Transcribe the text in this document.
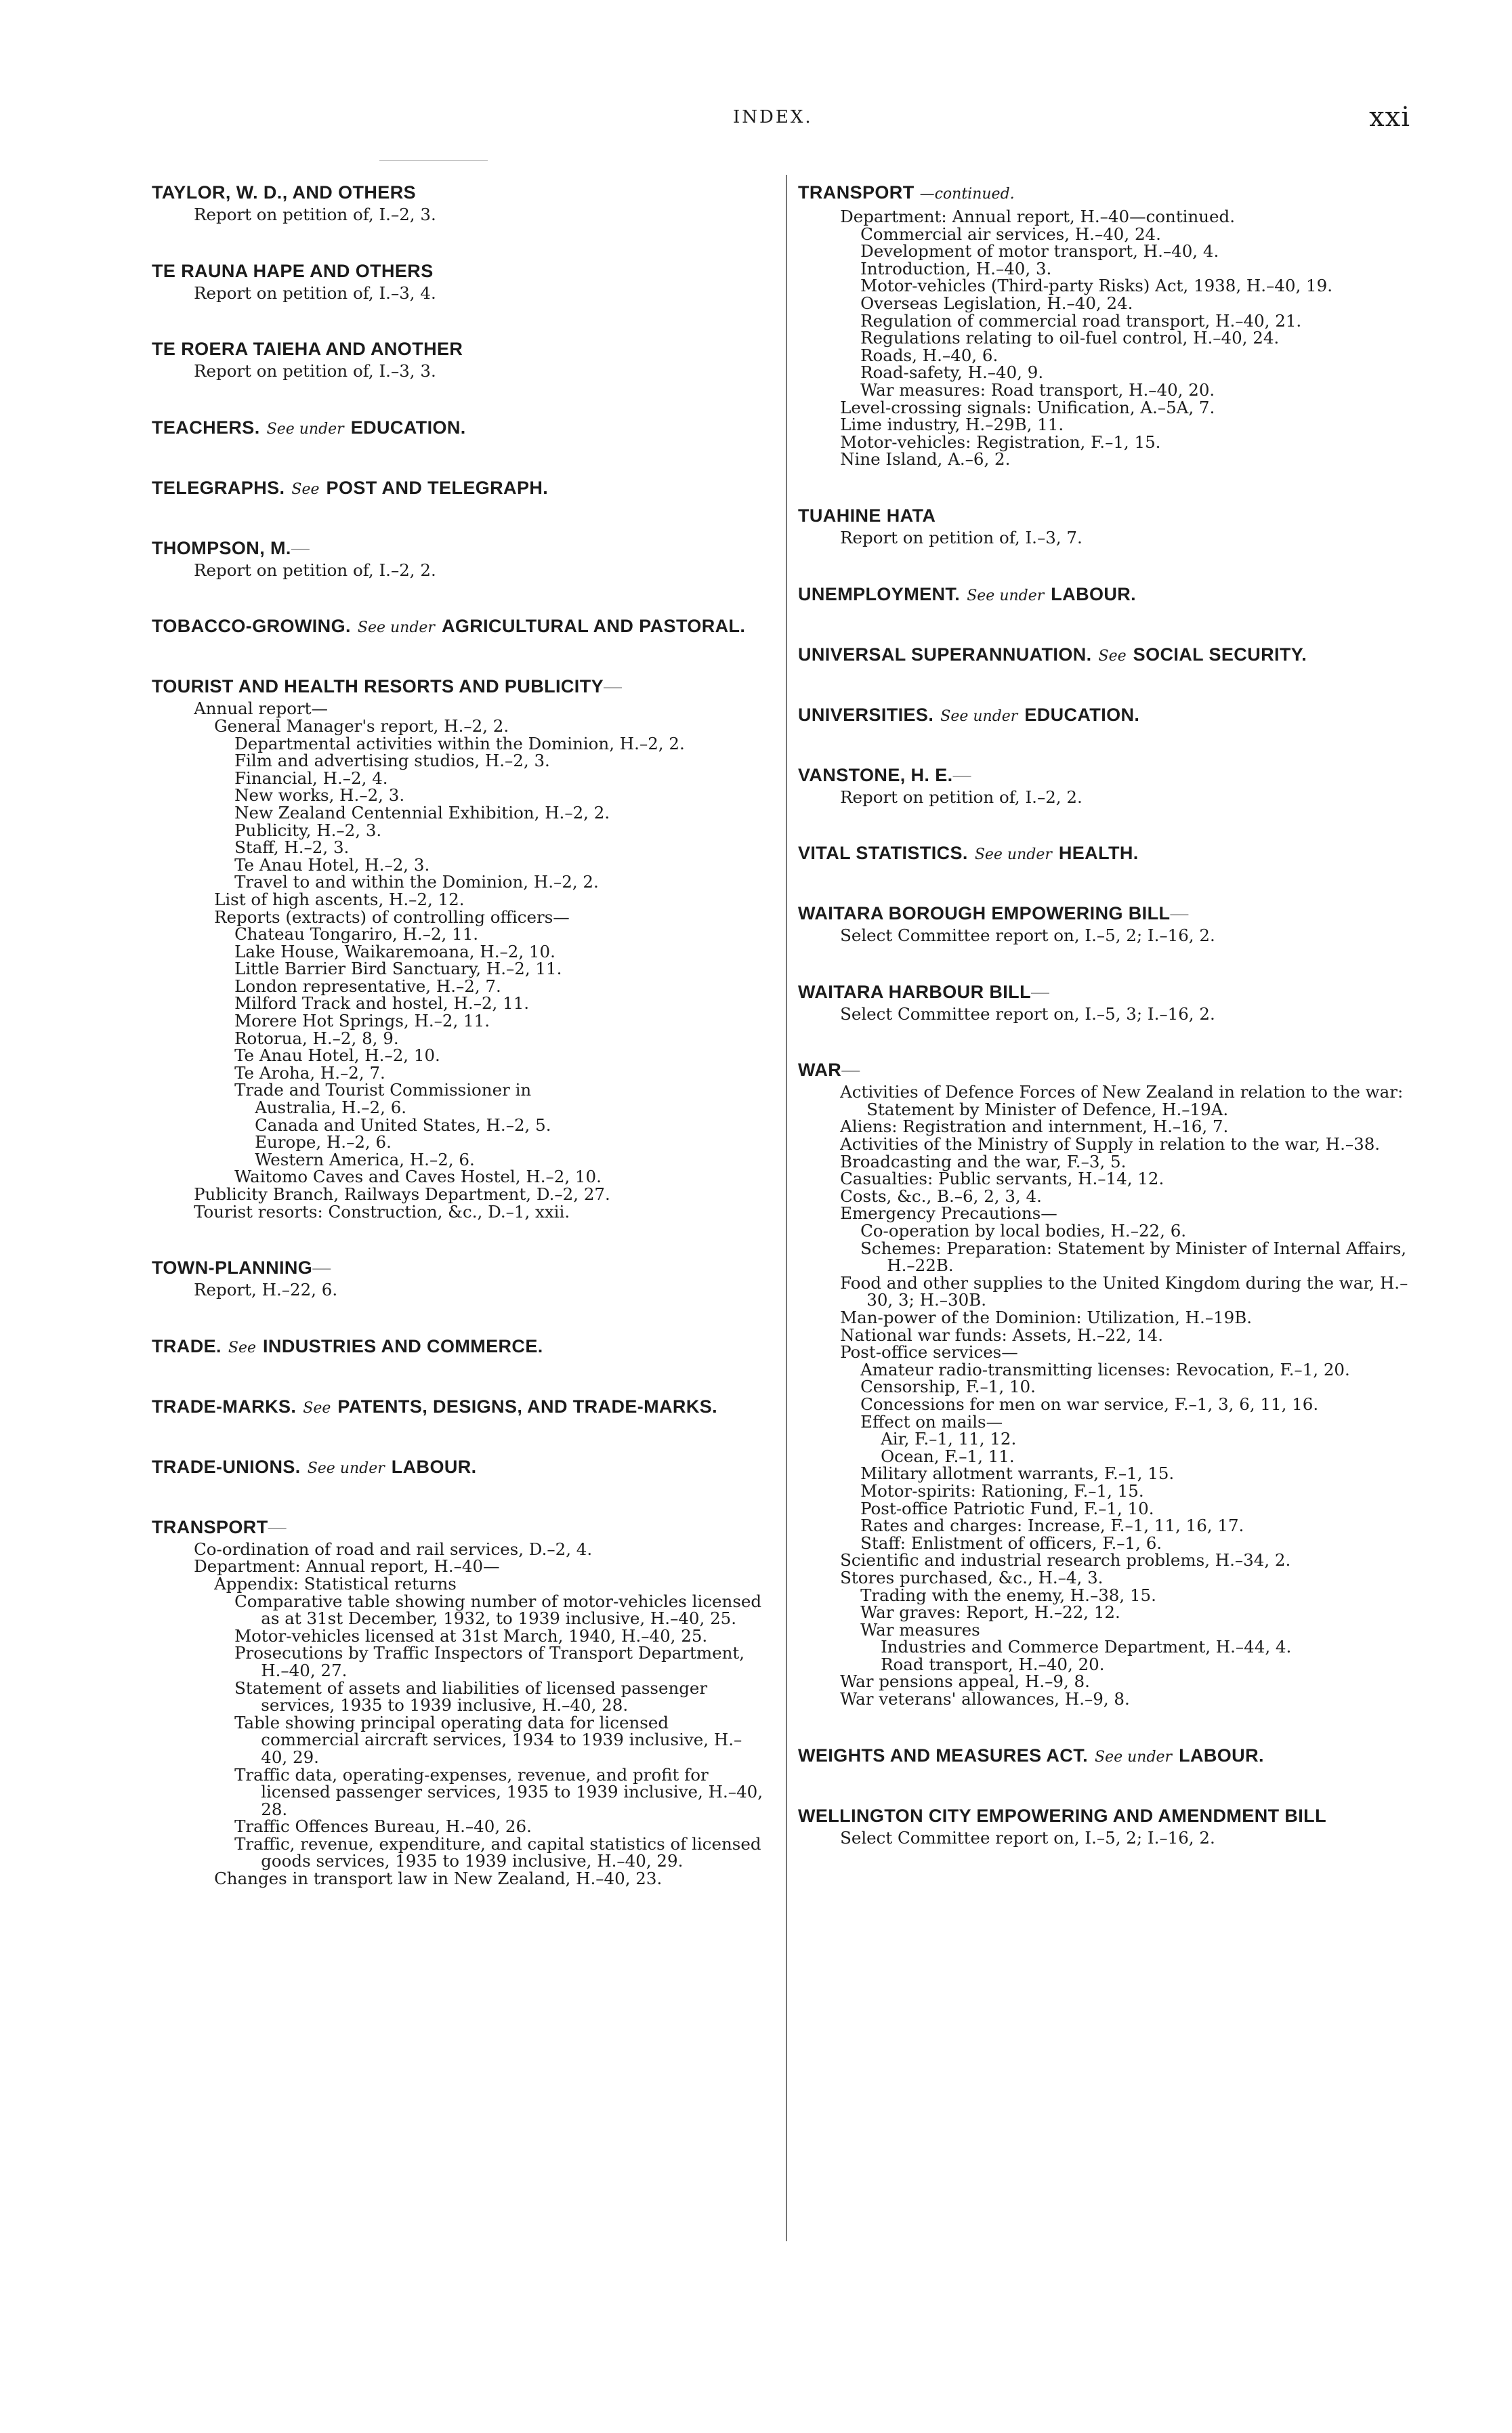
INDEX.	xxi
TAYLOR, W. D., AND OTHERS
Report on petition of, I.–2, 3.
TE RAUNA HAPE AND OTHERS
Report on petition of, I.–3, 4.
TE ROERA TAIEHA AND ANOTHER
Report on petition of, I.–3, 3.
TEACHERS. See under EDUCATION.
TELEGRAPHS. See POST AND TELEGRAPH.
THOMPSON, M.—
Report on petition of, I.–2, 2.
TOBACCO-GROWING. See under AGRICULTURAL AND PASTORAL.
TOURIST AND HEALTH RESORTS AND PUBLICITY—
Annual report—
General Manager's report, H.–2, 2.
Departmental activities within the Dominion, H.–2, 2.
Film and advertising studios, H.–2, 3.
Financial, H.–2, 4.
New works, H.–2, 3.
New Zealand Centennial Exhibition, H.–2, 2.
Publicity, H.–2, 3.
Staff, H.–2, 3.
Te Anau Hotel, H.–2, 3.
Travel to and within the Dominion, H.–2, 2.
List of high ascents, H.–2, 12.
Reports (extracts) of controlling officers—
Chateau Tongariro, H.–2, 11.
Lake House, Waikaremoana, H.–2, 10.
Little Barrier Bird Sanctuary, H.–2, 11.
London representative, H.–2, 7.
Milford Track and hostel, H.–2, 11.
Morere Hot Springs, H.–2, 11.
Rotorua, H.–2, 8, 9.
Te Anau Hotel, H.–2, 10.
Te Aroha, H.–2, 7.
Trade and Tourist Commissioner in
Australia, H.–2, 6.
Canada and United States, H.–2, 5.
Europe, H.–2, 6.
Western America, H.–2, 6.
Waitomo Caves and Caves Hostel, H.–2, 10.
Publicity Branch, Railways Department, D.–2, 27.
Tourist resorts: Construction, &c., D.–1, xxii.
TOWN-PLANNING—
Report, H.–22, 6.
TRADE. See INDUSTRIES AND COMMERCE.
TRADE-MARKS. See PATENTS, DESIGNS, AND TRADE-MARKS.
TRADE-UNIONS. See under LABOUR.
TRANSPORT—
Co-ordination of road and rail services, D.–2, 4.
Department: Annual report, H.–40—
Appendix: Statistical returns
Comparative table showing number of motor-vehicles licensed as at 31st December, 1932, to 1939 inclusive, H.–40, 25.
Motor-vehicles licensed at 31st March, 1940, H.–40, 25.
Prosecutions by Traffic Inspectors of Transport Department, H.–40, 27.
Statement of assets and liabilities of licensed passenger services, 1935 to 1939 inclusive, H.–40, 28.
Table showing principal operating data for licensed commercial aircraft services, 1934 to 1939 inclusive, H.–40, 29.
Traffic data, operating-expenses, revenue, and profit for licensed passenger services, 1935 to 1939 inclusive, H.–40, 28.
Traffic Offences Bureau, H.–40, 26.
Traffic, revenue, expenditure, and capital statistics of licensed goods services, 1935 to 1939 inclusive, H.–40, 29.
Changes in transport law in New Zealand, H.–40, 23.
TRANSPORT —continued.
Department: Annual report, H.–40—continued.
Commercial air services, H.–40, 24.
Development of motor transport, H.–40, 4.
Introduction, H.–40, 3.
Motor-vehicles (Third-party Risks) Act, 1938, H.–40, 19.
Overseas Legislation, H.–40, 24.
Regulation of commercial road transport, H.–40, 21.
Regulations relating to oil-fuel control, H.–40, 24.
Roads, H.–40, 6.
Road-safety, H.–40, 9.
War measures: Road transport, H.–40, 20.
Level-crossing signals: Unification, A.–5A, 7.
Lime industry, H.–29B, 11.
Motor-vehicles: Registration, F.–1, 15.
Nine Island, A.–6, 2.
TUAHINE HATA
Report on petition of, I.–3, 7.
UNEMPLOYMENT. See under LABOUR.
UNIVERSAL SUPERANNUATION. See SOCIAL SECURITY.
UNIVERSITIES. See under EDUCATION.
VANSTONE, H. E.—
Report on petition of, I.–2, 2.
VITAL STATISTICS. See under HEALTH.
WAITARA BOROUGH EMPOWERING BILL—
Select Committee report on, I.–5, 2; I.–16, 2.
WAITARA HARBOUR BILL—
Select Committee report on, I.–5, 3; I.–16, 2.
WAR—
Activities of Defence Forces of New Zealand in relation to the war: Statement by Minister of Defence, H.–19A.
Aliens: Registration and internment, H.–16, 7.
Activities of the Ministry of Supply in relation to the war, H.–38.
Broadcasting and the war, F.–3, 5.
Casualties: Public servants, H.–14, 12.
Costs, &c., B.–6, 2, 3, 4.
Emergency Precautions—
Co-operation by local bodies, H.–22, 6.
Schemes: Preparation: Statement by Minister of Internal Affairs, H.–22B.
Food and other supplies to the United Kingdom during the war, H.–30, 3; H.–30B.
Man-power of the Dominion: Utilization, H.–19B.
National war funds: Assets, H.–22, 14.
Post-office services—
Amateur radio-transmitting licenses: Revocation, F.–1, 20.
Censorship, F.–1, 10.
Concessions for men on war service, F.–1, 3, 6, 11, 16.
Effect on mails—
Air, F.–1, 11, 12.
Ocean, F.–1, 11.
Military allotment warrants, F.–1, 15.
Motor-spirits: Rationing, F.–1, 15.
Post-office Patriotic Fund, F.–1, 10.
Rates and charges: Increase, F.–1, 11, 16, 17.
Staff: Enlistment of officers, F.–1, 6.
Scientific and industrial research problems, H.–34, 2.
Stores purchased, &c., H.–4, 3.
Trading with the enemy, H.–38, 15.
War graves: Report, H.–22, 12.
War measures
Industries and Commerce Department, H.–44, 4.
Road transport, H.–40, 20.
War pensions appeal, H.–9, 8.
War veterans' allowances, H.–9, 8.
WEIGHTS AND MEASURES ACT. See under LABOUR.
WELLINGTON CITY EMPOWERING AND AMENDMENT BILL
Select Committee report on, I.–5, 2; I.–16, 2.
